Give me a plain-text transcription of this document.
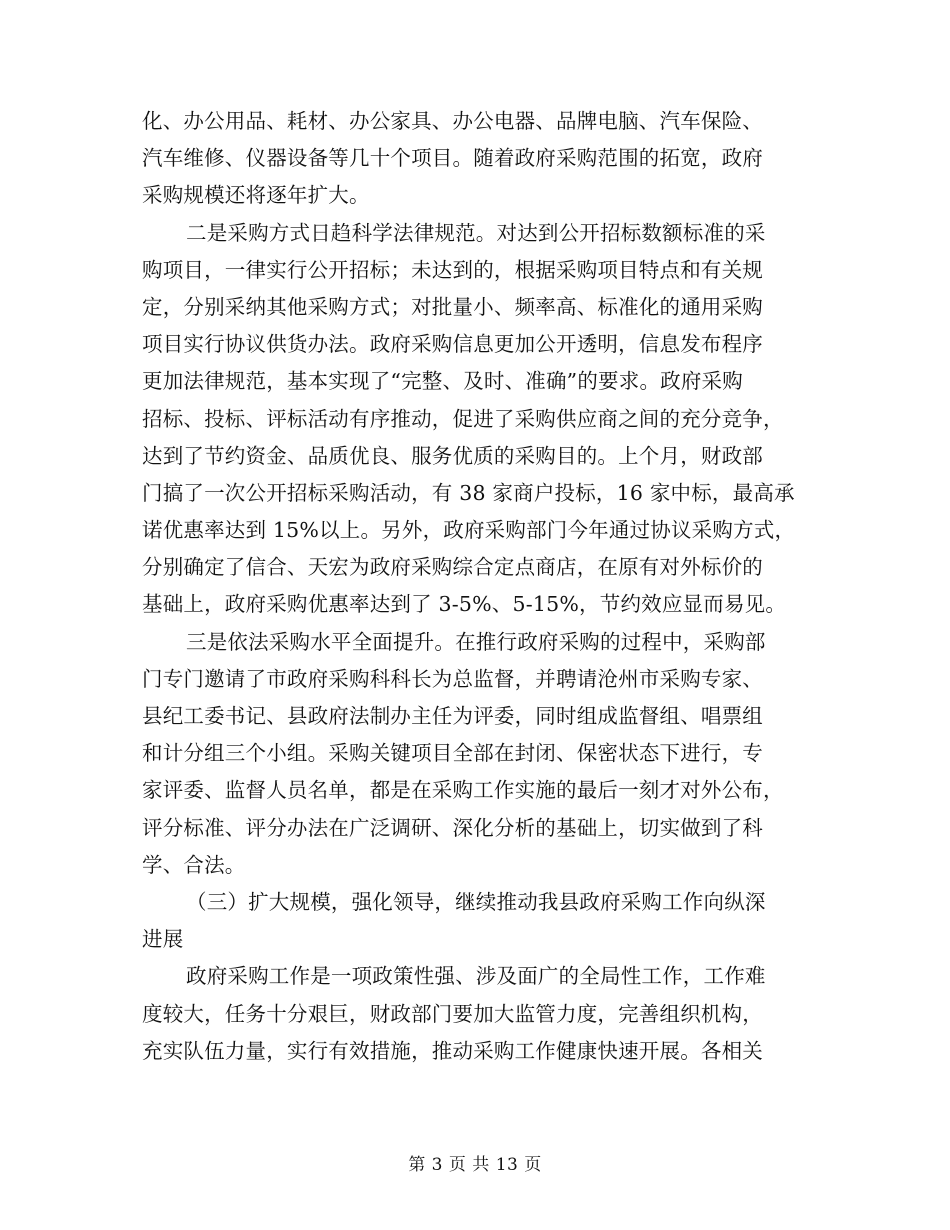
化、办公用品、耗材、办公家具、办公电器、品牌电脑、汽车保险、
汽车维修、仪器设备等几十个项目。随着政府采购范围的拓宽，政府
采购规模还将逐年扩大。
二是采购方式日趋科学法律规范。对达到公开招标数额标准的采
购项目，一律实行公开招标；未达到的，根据采购项目特点和有关规
定，分别采纳其他采购方式；对批量小、频率高、标准化的通用采购
项目实行协议供货办法。政府采购信息更加公开透明，信息发布程序
更加法律规范，基本实现了“完整、及时、准确”的要求。政府采购
招标、投标、评标活动有序推动，促进了采购供应商之间的充分竞争，
达到了节约资金、品质优良、服务优质的采购目的。上个月，财政部
门搞了一次公开招标采购活动，有 38 家商户投标，16 家中标，最高承
诺优惠率达到 15%以上。另外，政府采购部门今年通过协议采购方式，
分别确定了信合、天宏为政府采购综合定点商店，在原有对外标价的
基础上，政府采购优惠率达到了 3-5%、5-15%，节约效应显而易见。
三是依法采购水平全面提升。在推行政府采购的过程中，采购部
门专门邀请了市政府采购科科长为总监督，并聘请沧州市采购专家、
县纪工委书记、县政府法制办主任为评委，同时组成监督组、唱票组
和计分组三个小组。采购关键项目全部在封闭、保密状态下进行，专
家评委、监督人员名单，都是在采购工作实施的最后一刻才对外公布，
评分标准、评分办法在广泛调研、深化分析的基础上，切实做到了科
学、合法。
（三）扩大规模，强化领导，继续推动我县政府采购工作向纵深
进展
政府采购工作是一项政策性强、涉及面广的全局性工作，工作难
度较大，任务十分艰巨，财政部门要加大监管力度，完善组织机构，
充实队伍力量，实行有效措施，推动采购工作健康快速开展。各相关
第 3 页 共 13 页
